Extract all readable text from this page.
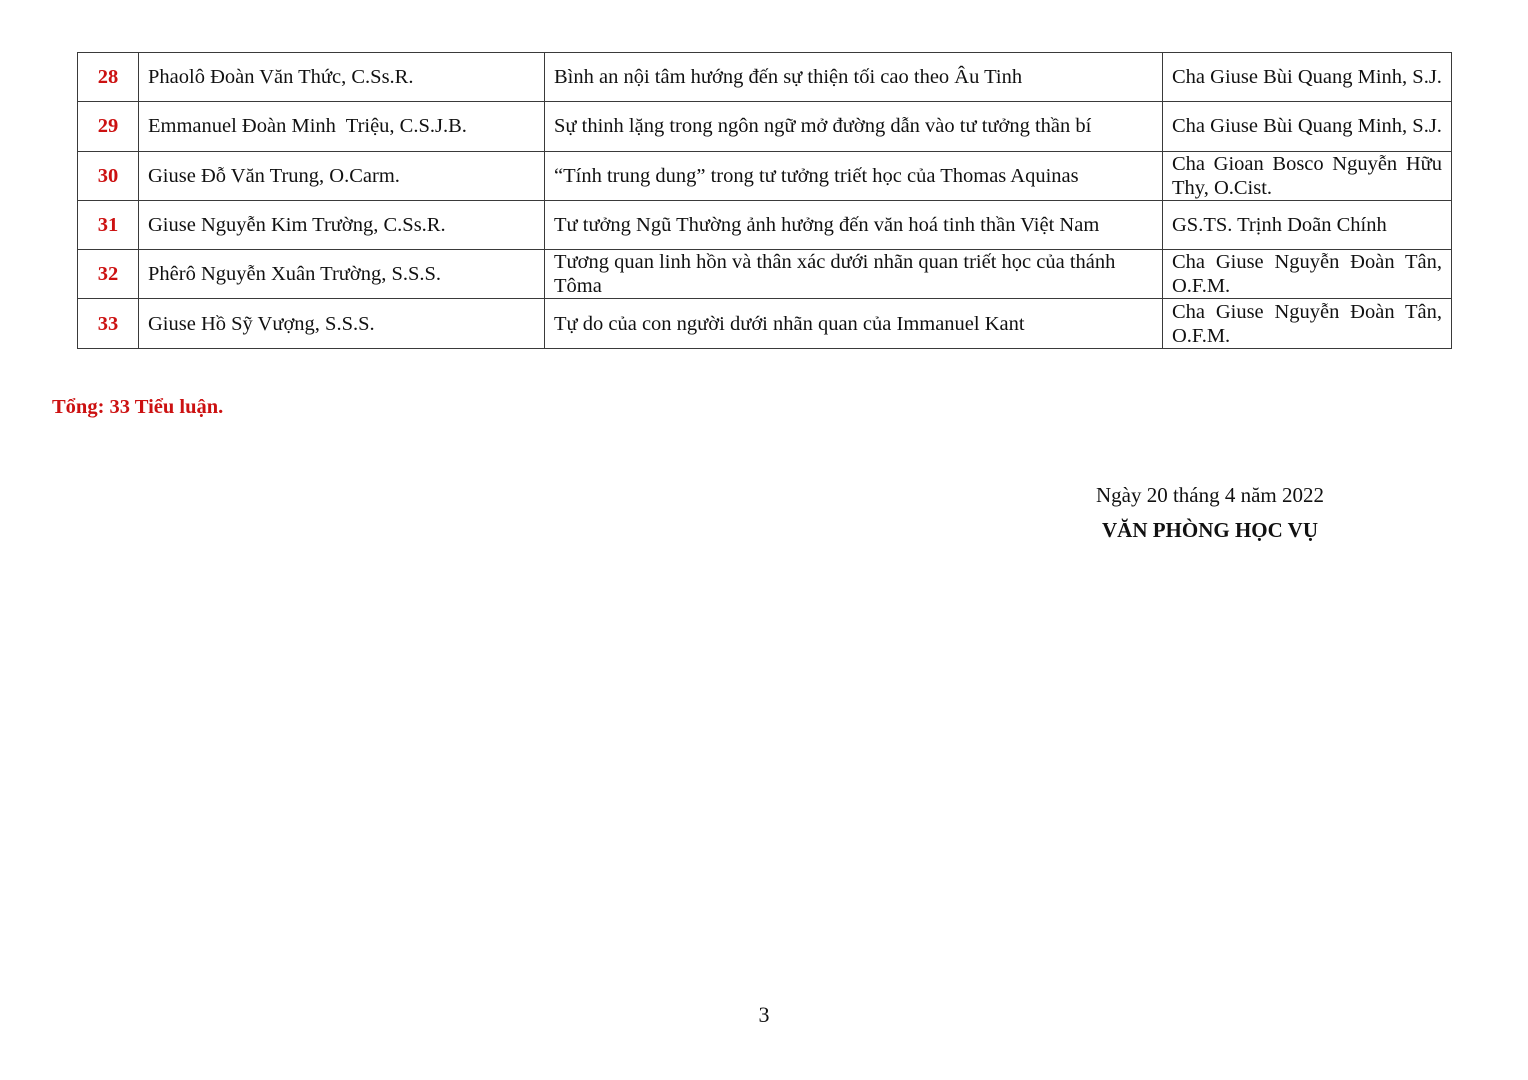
28	Phaolô Đoàn Văn Thức, C.Ss.R.	Bình an nội tâm hướng đến sự thiện tối cao theo Âu Tinh	Cha Giuse Bùi Quang Minh, S.J.
29	Emmanuel Đoàn Minh  Triệu, C.S.J.B.	Sự thinh lặng trong ngôn ngữ mở đường dẫn vào tư tưởng thần bí	Cha Giuse Bùi Quang Minh, S.J.
30	Giuse Đỗ Văn Trung, O.Carm.	“Tính trung dung” trong tư tưởng triết học của Thomas Aquinas	Cha Gioan Bosco Nguyễn Hữu Thy, O.Cist.
31	Giuse Nguyễn Kim Trường, C.Ss.R.	Tư tưởng Ngũ Thường ảnh hưởng đến văn hoá tinh thần Việt Nam	GS.TS. Trịnh Doãn Chính
32	Phêrô Nguyễn Xuân Trường, S.S.S.	Tương quan linh hồn và thân xác dưới nhãn quan triết học của thánh Tôma	Cha Giuse Nguyễn Đoàn Tân, O.F.M.
33	Giuse Hồ Sỹ Vượng, S.S.S.	Tự do của con người dưới nhãn quan của Immanuel Kant	Cha Giuse Nguyễn Đoàn Tân, O.F.M.
Tổng: 33 Tiểu luận.
Ngày 20 tháng 4 năm 2022
VĂN PHÒNG HỌC VỤ
3
